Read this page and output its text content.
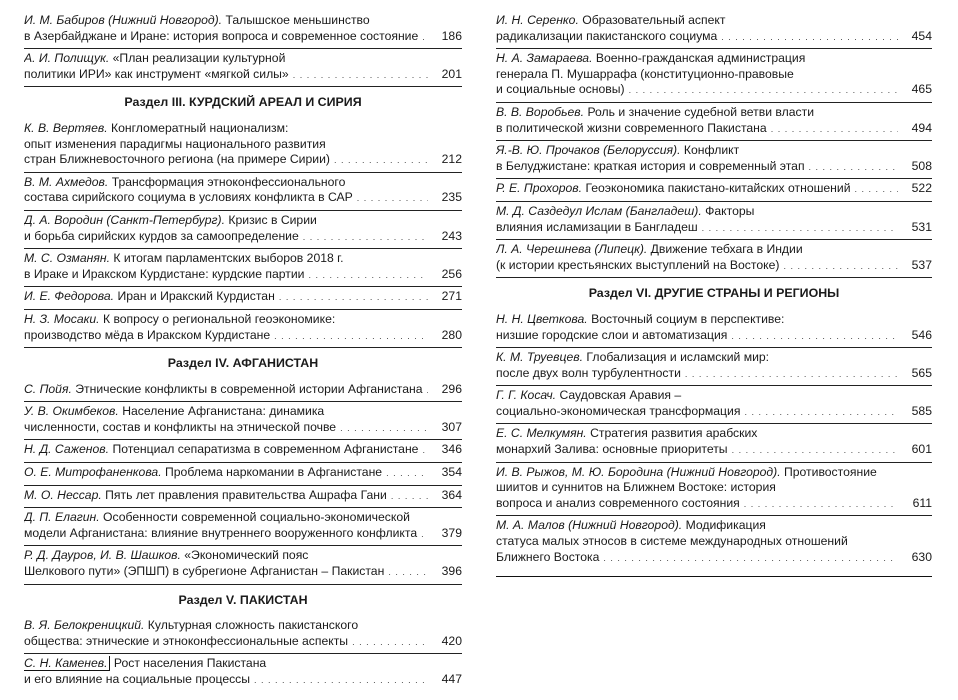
И. М. Бабиров (Нижний Новгород). Талышское меньшинство
в Азербайджане и Иране: история вопроса и современное состояние . . .	186
А. И. Полищук. «План реализации культурной
политики ИРИ» как инструмент «мягкой силы» . . .	201
Раздел III. КУРДСКИЙ АРЕАЛ И СИРИЯ
К. В. Вертяев. Конгломератный национализм:
опыт изменения парадигмы национального развития
стран Ближневосточного региона (на примере Сирии) . . .	212
В. М. Ахмедов. Трансформация этноконфессионального
состава сирийского социума в условиях конфликта в САР . . .	235
Д. А. Вородин (Санкт-Петербург). Кризис в Сирии
и борьба сирийских курдов за самоопределение . . .	243
М. С. Озманян. К итогам парламентских выборов 2018 г.
в Ираке и Иракском Курдистане: курдские партии . . .	256
И. Е. Федорова. Иран и Иракский Курдистан . . .	271
Н. З. Мосаки. К вопросу о региональной геоэкономике:
производство мёда в Иракском Курдистане . . .	280
Раздел IV. АФГАНИСТАН
С. Пойя. Этнические конфликты в современной истории Афганистана . . .	296
У. В. Окимбеков. Население Афганистана: динамика
численности, состав и конфликты на этнической почве . . .	307
Н. Д. Саженов. Потенциал сепаратизма в современном Афганистане . . .	346
О. Е. Митрофаненкова. Проблема наркомании в Афганистане . . .	354
М. О. Нессар. Пять лет правления правительства Ашрафа Гани . . .	364
Д. П. Елагин. Особенности современной социально-экономической
модели Афганистана: влияние внутреннего вооруженного конфликта . . .	379
Р. Д. Дауров, И. В. Шашков. «Экономический пояс
Шелкового пути» (ЭПШП) в субрегионе Афганистан – Пакистан . . .	396
Раздел V. ПАКИСТАН
В. Я. Белокреницкий. Культурная сложность пакистанского
общества: этнические и этноконфессиональные аспекты . . .	420
С. Н. Каменев. Рост населения Пакистана
и его влияние на социальные процессы . . .	447
И. Н. Серенко. Образовательный аспект
радикализации пакистанского социума . . .	454
Н. А. Замараева. Военно-гражданская администрация
генерала П. Мушаррафа (конституционно-правовые
и социальные основы) . . .	465
В. В. Воробьев. Роль и значение судебной ветви власти
в политической жизни современного Пакистана . . .	494
Я.-В. Ю. Прочаков (Белоруссия). Конфликт
в Белуджистане: краткая история и современный этап . . .	508
Р. Е. Прохоров. Геоэкономика пакистано-китайских отношений . . .	522
М. Д. Саздедул Ислам (Бангладеш). Факторы
влияния исламизации в Бангладеш . . .	531
Л. А. Черешнева (Липецк). Движение тебхага в Индии
(к истории крестьянских выступлений на Востоке) . . .	537
Раздел VI. ДРУГИЕ СТРАНЫ И РЕГИОНЫ
Н. Н. Цветкова. Восточный социум в перспективе:
низшие городские слои и автоматизация . . .	546
К. М. Труевцев. Глобализация и исламский мир:
после двух волн турбулентности . . .	565
Г. Г. Косач. Саудовская Аравия –
социально-экономическая трансформация . . .	585
Е. С. Мелкумян. Стратегия развития арабских
монархий Залива: основные приоритеты . . .	601
И. В. Рыжов, М. Ю. Бородина (Нижний Новгород). Противостояние
шиитов и суннитов на Ближнем Востоке: история
вопроса и анализ современного состояния . . .	611
М. А. Малов (Нижний Новгород). Модификация
статуса малых этносов в системе международных отношений
Ближнего Востока . . .	630
